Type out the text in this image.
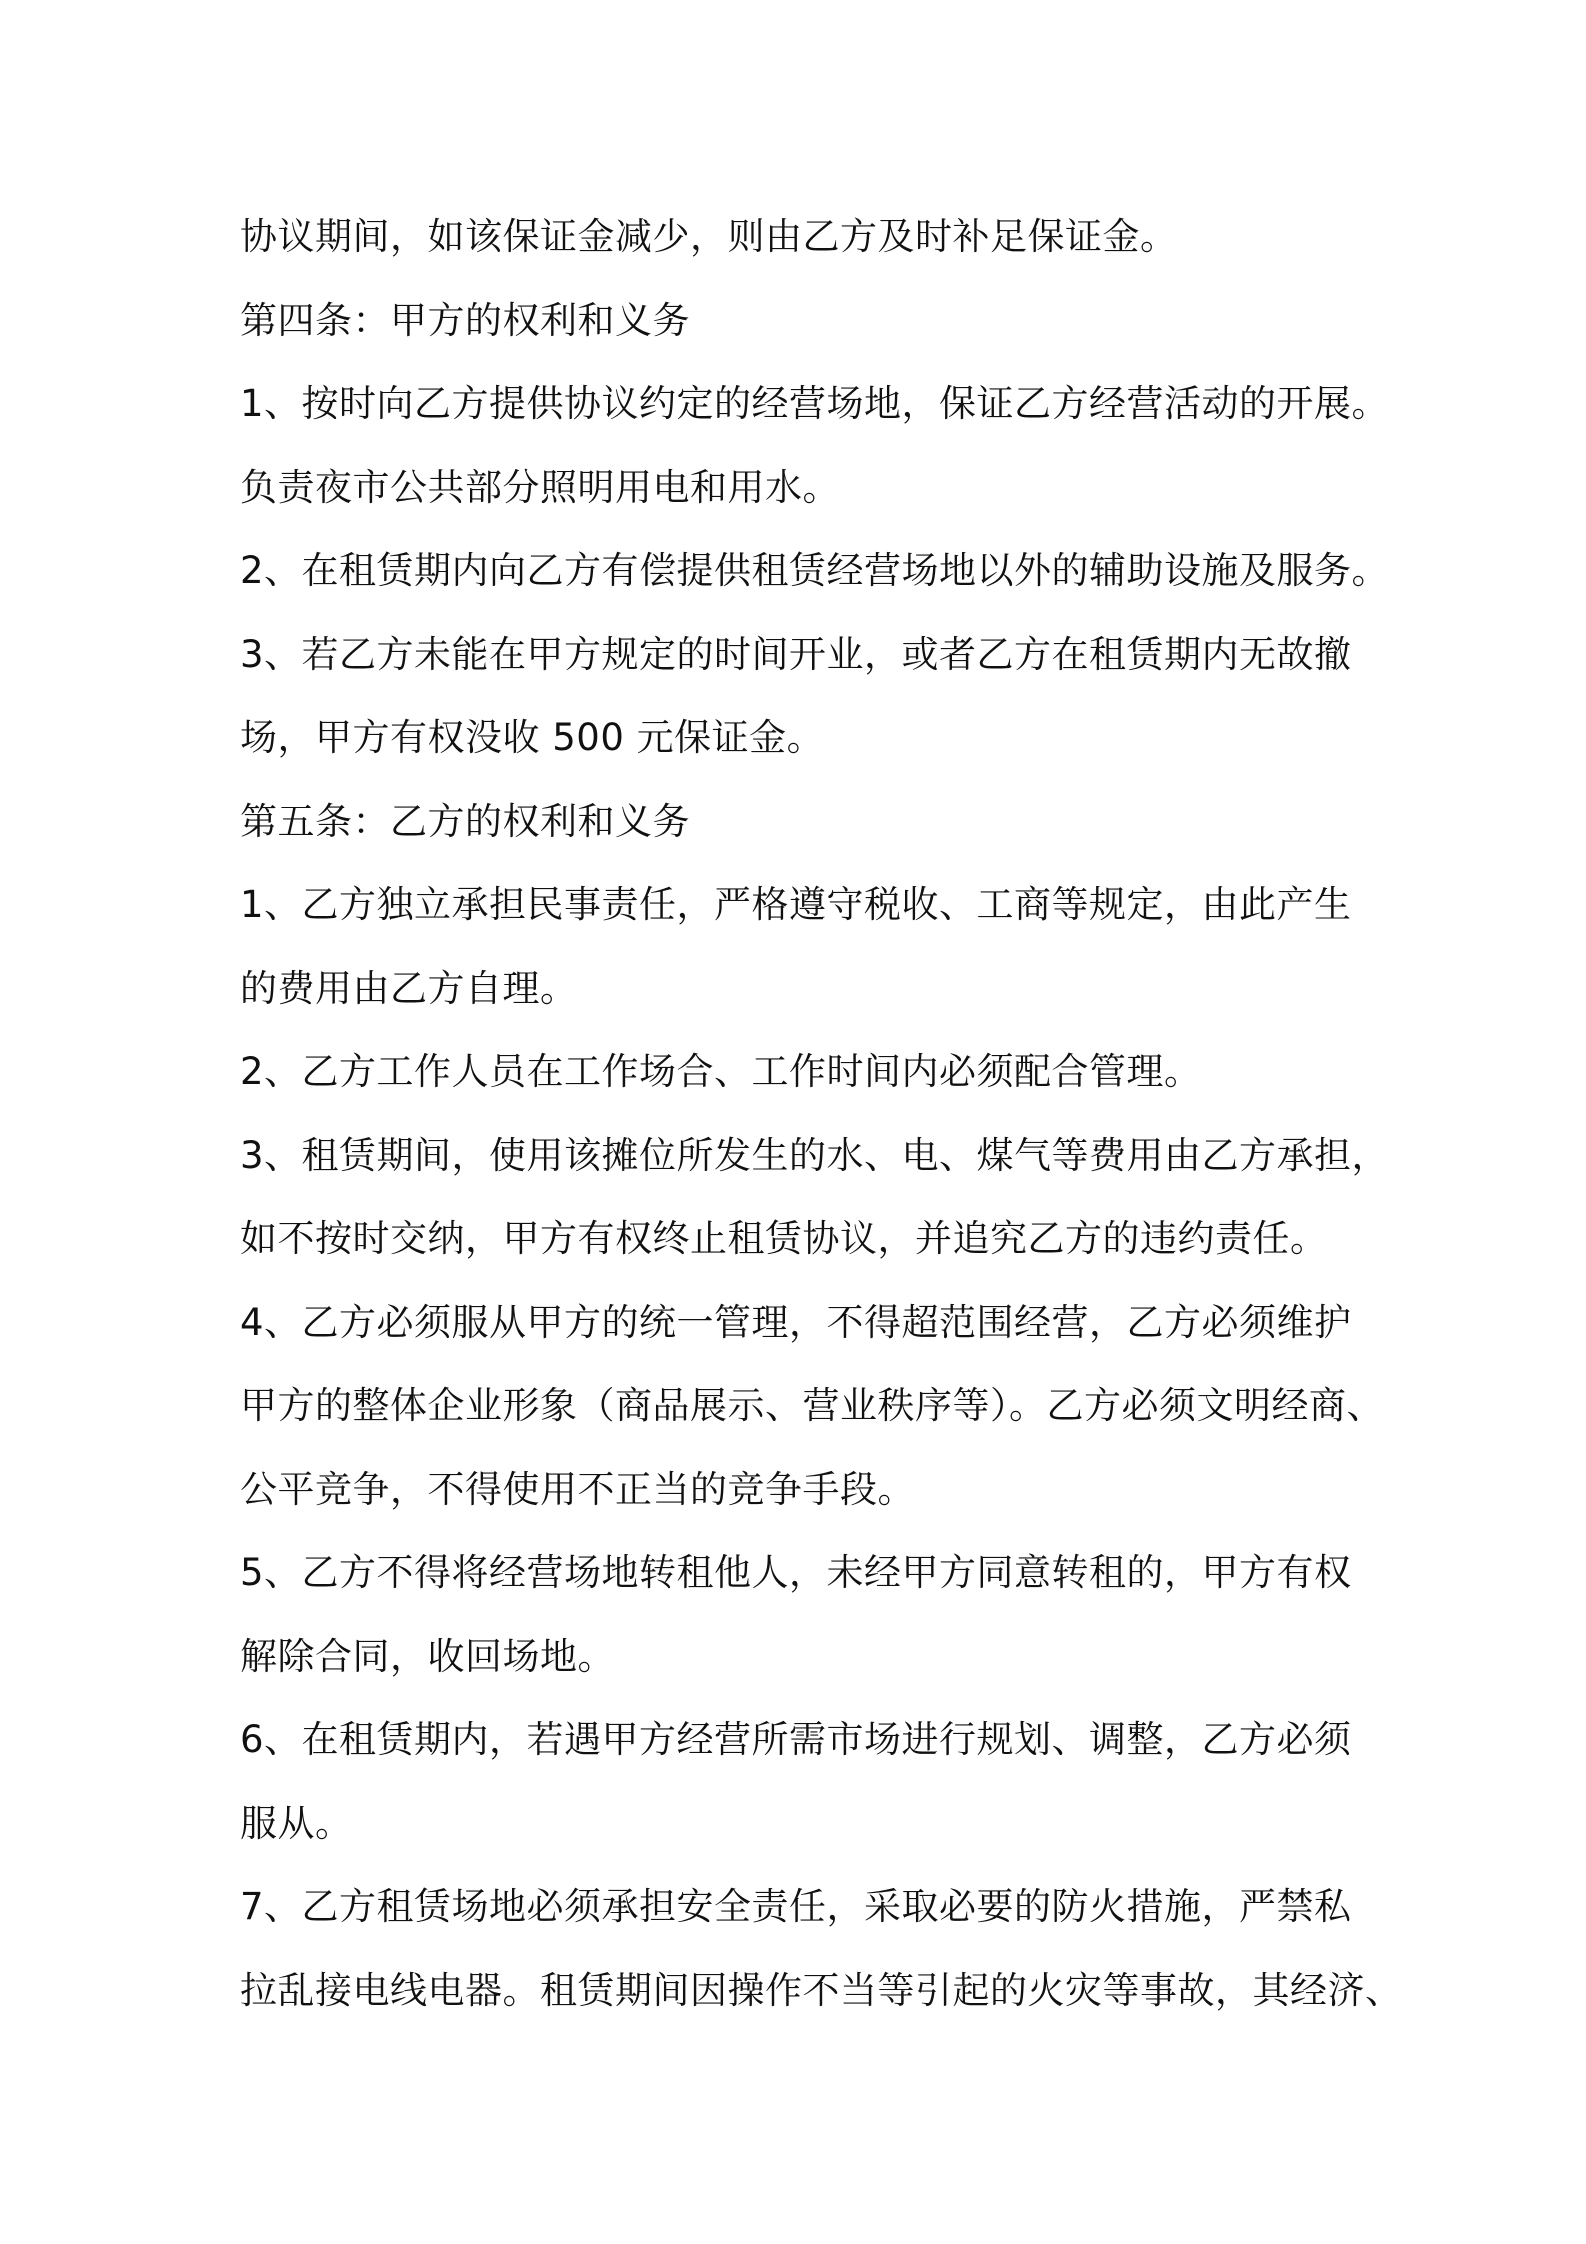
协议期间，如该保证金减少，则由乙方及时补足保证金。

第四条：甲方的权利和义务

1、按时向乙方提供协议约定的经营场地，保证乙方经营活动的开展。

负责夜市公共部分照明用电和用水。

2、在租赁期内向乙方有偿提供租赁经营场地以外的辅助设施及服务。

3、若乙方未能在甲方规定的时间开业，或者乙方在租赁期内无故撤

场，甲方有权没收 500 元保证金。

第五条：乙方的权利和义务

1、乙方独立承担民事责任，严格遵守税收、工商等规定，由此产生

的费用由乙方自理。

2、乙方工作人员在工作场合、工作时间内必须配合管理。

3、租赁期间，使用该摊位所发生的水、电、煤气等费用由乙方承担，

如不按时交纳，甲方有权终止租赁协议，并追究乙方的违约责任。

4、乙方必须服从甲方的统一管理，不得超范围经营，乙方必须维护

甲方的整体企业形象（商品展示、营业秩序等）。乙方必须文明经商、

公平竞争，不得使用不正当的竞争手段。

5、乙方不得将经营场地转租他人，未经甲方同意转租的，甲方有权

解除合同，收回场地。

6、在租赁期内，若遇甲方经营所需市场进行规划、调整，乙方必须

服从。

7、乙方租赁场地必须承担安全责任，采取必要的防火措施，严禁私

拉乱接电线电器。租赁期间因操作不当等引起的火灾等事故，其经济、
